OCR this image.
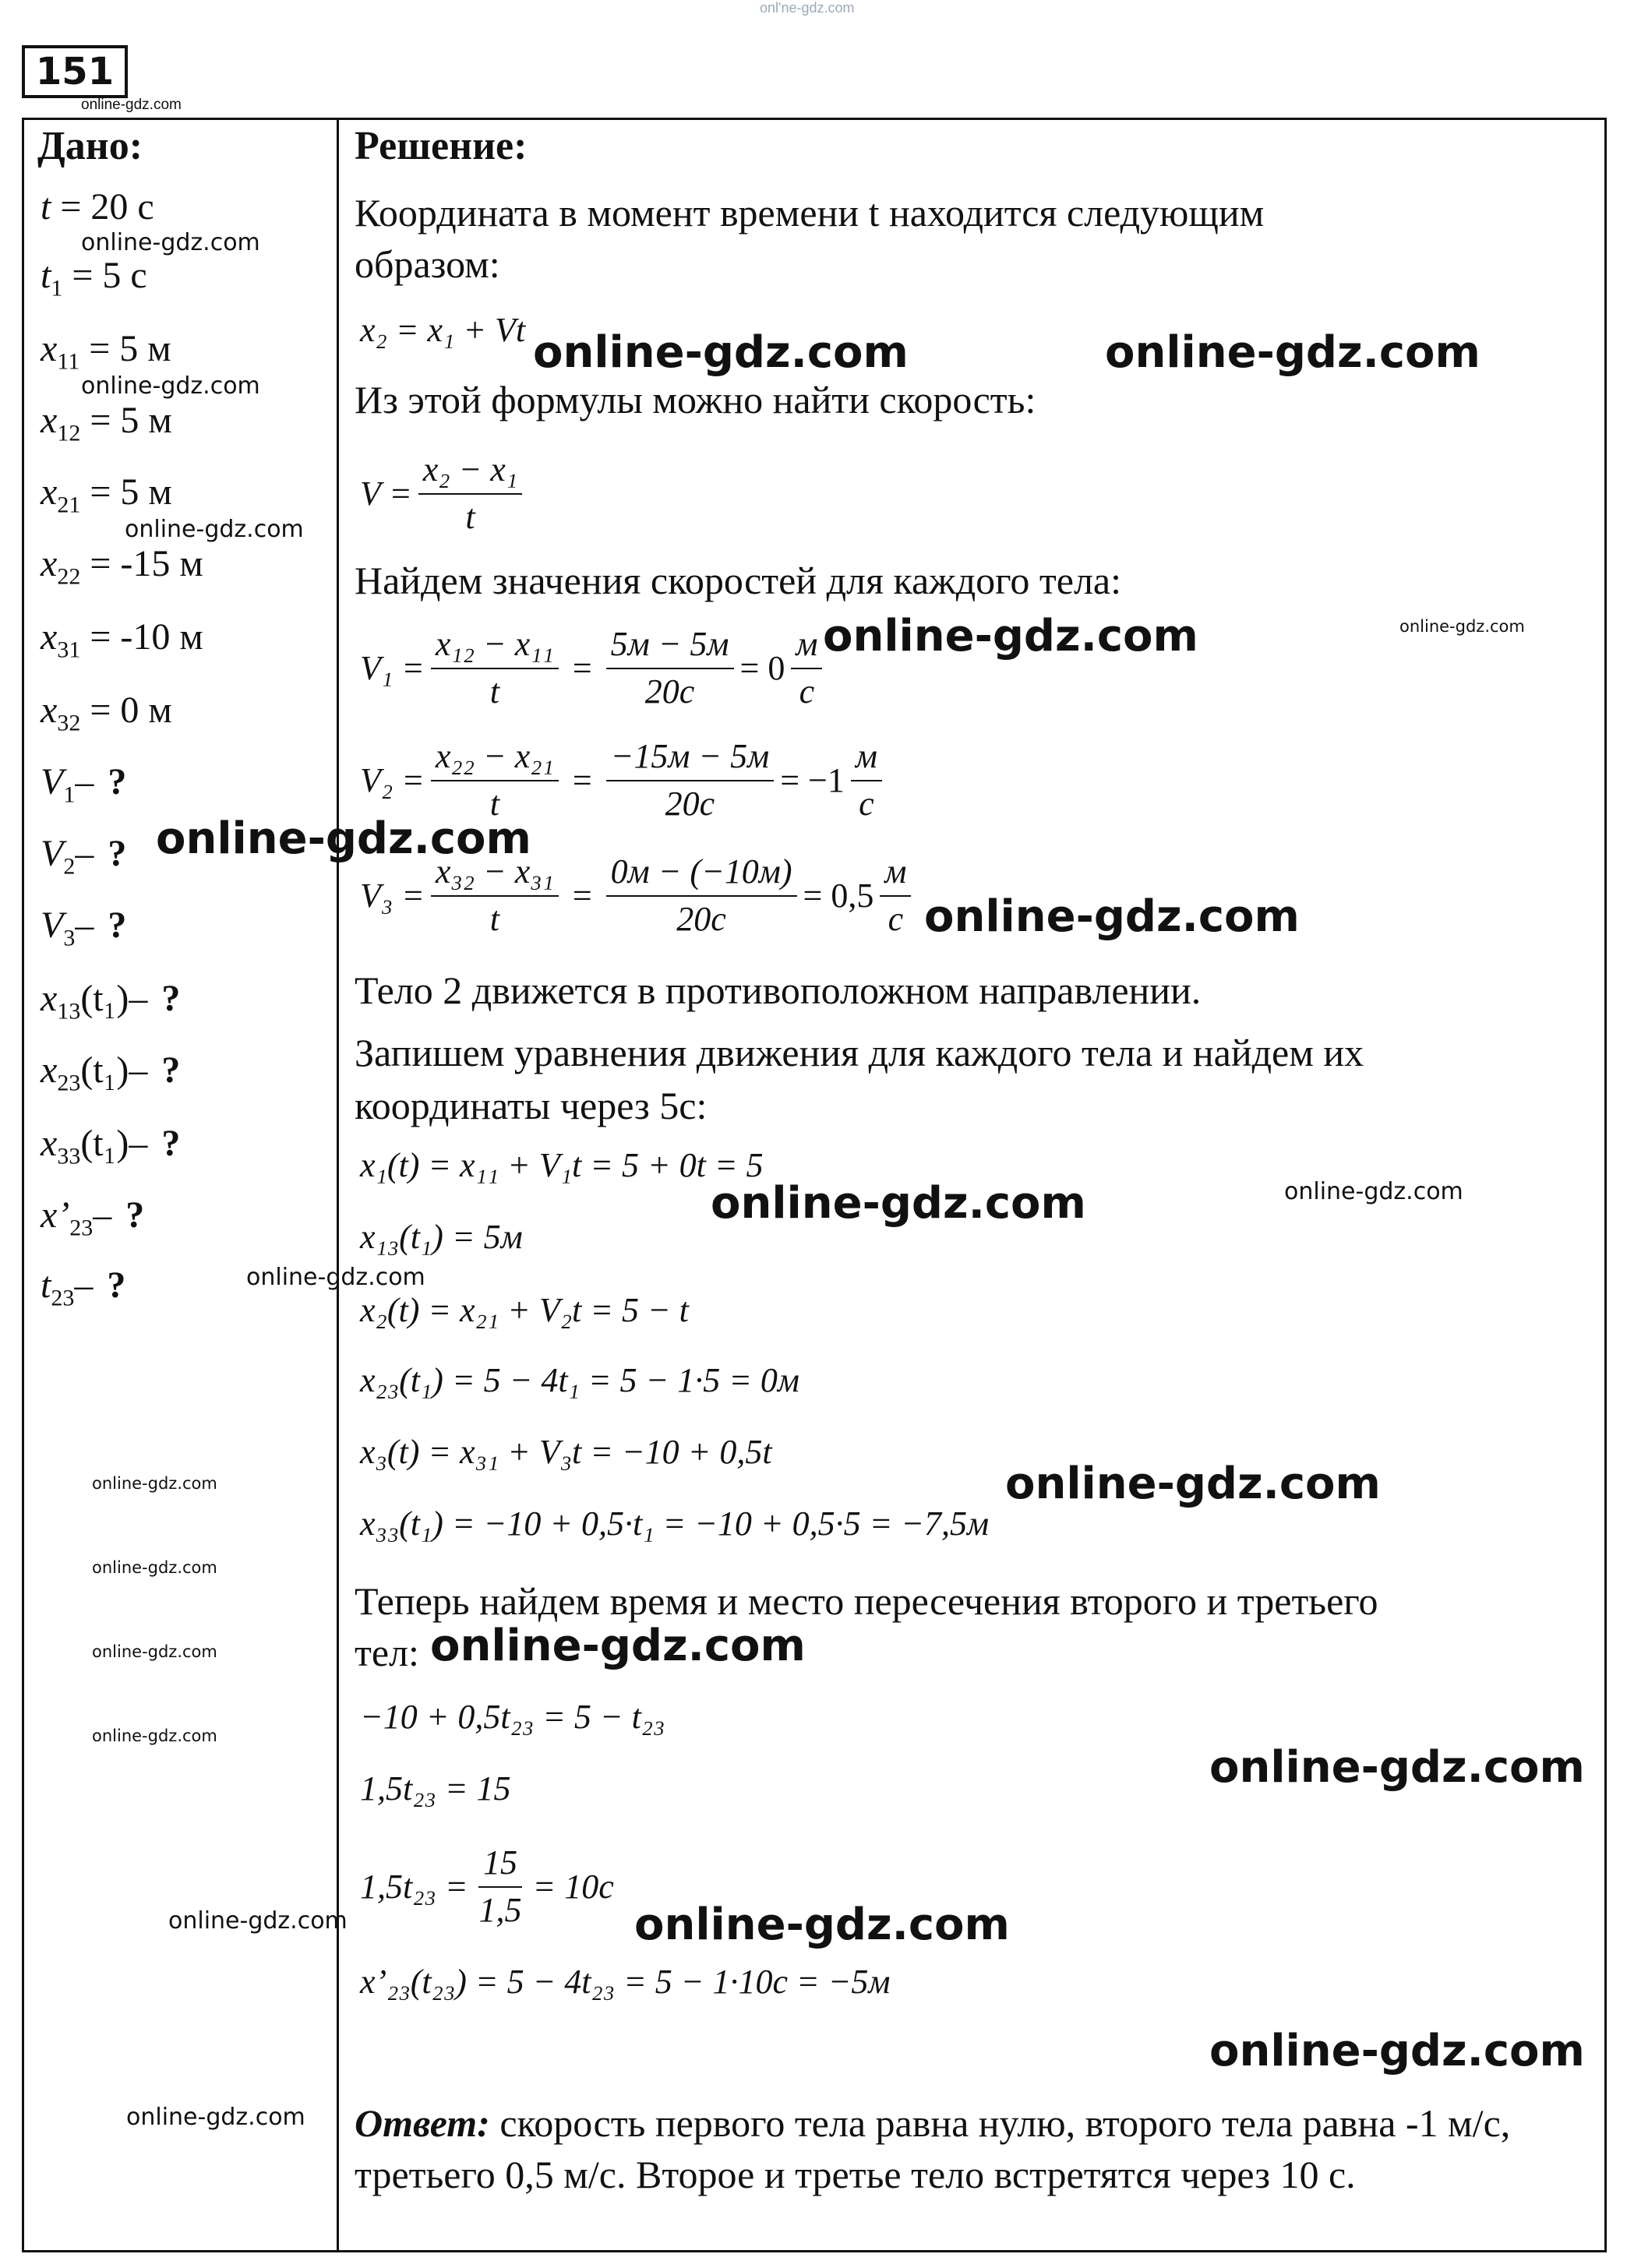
onl'ne-gdz.com
151
online-gdz.com
Дано:
t = 20 с
$t_1 = 5$ с
$x_{11} = 5$ м
$x_{12} = 5$ м
$x_{21} = 5$ м
$x_{22} = -15$ м
$x_{31} = -10$ м
$x_{32} = 0$ м
$V_1-$ ?
$V_2-$ ?
$V_3-$ ?
$x_{13}(t_1)-$ ?
$x_{23}(t_1)-$ ?
$x_{33}(t_1)-$ ?
$x’_{23}-$ ?
$t_{23}-$ ?
Решение:
Координата в момент времени t находится следующим
образом:
x₂ = x₁ + Vt
Из этой формулы можно найти скорость:
$V = \frac{\text{x₂ − x₁}}{t}$
Найдем значения скоростей для каждого тела:
$V_1 = \frac{\text{x₁₂ − x₁₁}}{t} = \frac{5м - 5м}{20с} = 0 \frac{м}{с}$
$V_2 = \frac{\text{x₂₂ − x₂₁}}{t} = \frac{-15м - 5м}{20с} = -1 \frac{м}{с}$
$V_3 = \frac{\text{x₃₂ − x₃₁}}{t} = \frac{0м - (-10м)}{20с} = 0,5 \frac{м}{с}$
Тело 2 движется в противоположном направлении.
Запишем уравнения движения для каждого тела и найдем их
координаты через 5с:
x₁(t) = x₁₁ + V₁t = 5 + 0t = 5
x₁₃(t₁) = 5м
x₂(t) = x₂₁ + V₂t = 5 − t
x₂₃(t₁) = 5 − 4t₁ = 5 − 1·5 = 0м
x₃(t) = x₃₁ + V₃t = −10 + 0,5t
x₃₃(t₁) = −10 + 0,5·t₁ = −10 + 0,5·5 = −7,5м
Теперь найдем время и место пересечения второго и третьего
тел:
−10 + 0,5t₂₃ = 5 − t₂₃
1,5t₂₃ = 15
$1,5t_{23} = \frac{15}{1,5} = 10с$
x’₂₃(t₂₃) = 5 − 4t₂₃ = 5 − 1·10с = −5м
Ответ: скорость первого тела равна нулю, второго тела равна -1 м/с, третьего 0,5 м/с. Второе и третье тело встретятся через 10 с.
online-gdz.com
online-gdz.com
online-gdz.com
online-gdz.com	online-gdz.com
online-gdz.com
online-gdz.com
online-gdz.com
online-gdz.com
online-gdz.com	online-gdz.com
online-gdz.com
online-gdz.com
online-gdz.com
online-gdz.com
online-gdz.com
online-gdz.com
online-gdz.com
online-gdz.com
online-gdz.com	online-gdz.com
online-gdz.com
online-gdz.com
